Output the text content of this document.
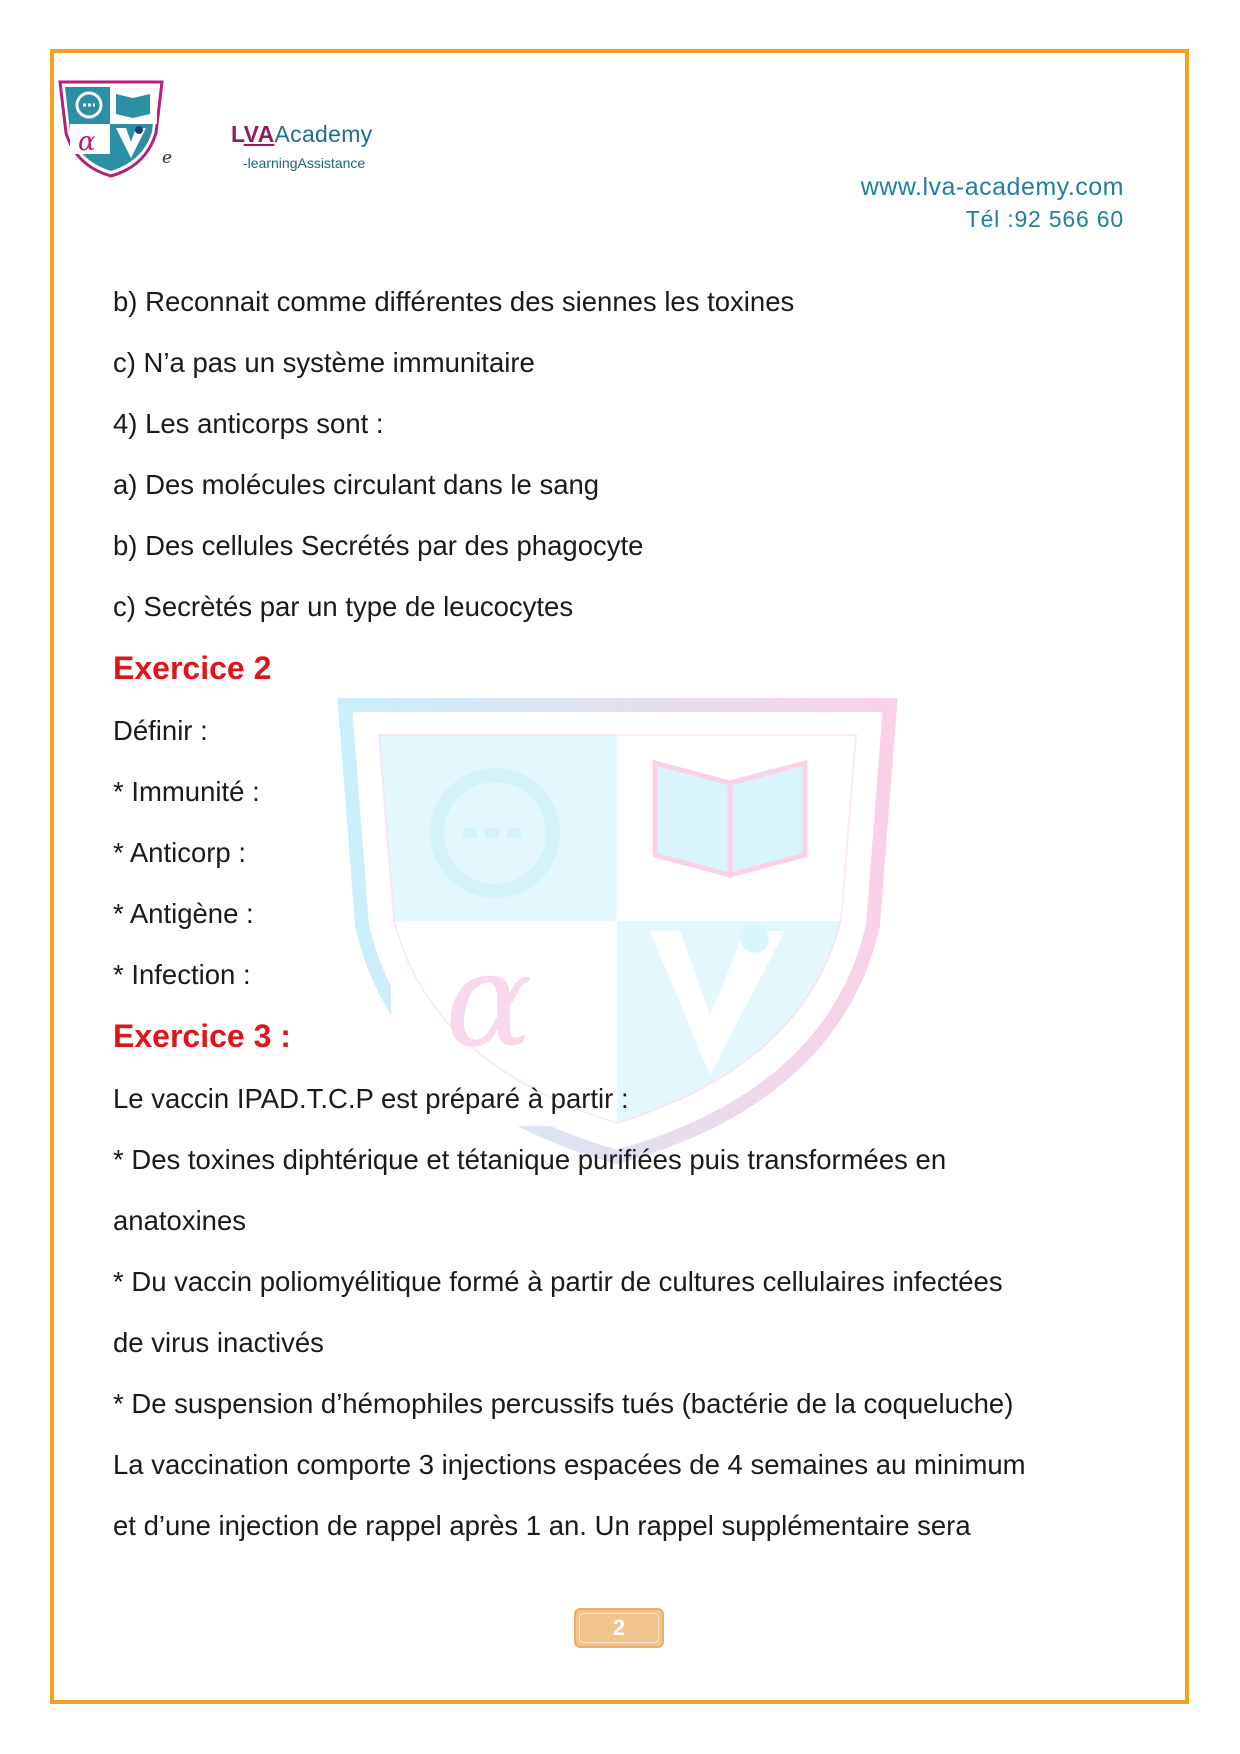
α
e
LVAAcademy
-learningAssistance
www.lva-academy.com
Tél :92 566 60
α
b) Reconnait comme différentes des siennes les toxines
c) N’a pas un système immunitaire
4) Les anticorps sont :
a) Des molécules circulant dans le sang
b) Des cellules Secrétés par des phagocyte
c) Secrètés par un type de leucocytes
Exercice 2
Définir :
* Immunité :
* Anticorp :
* Antigène :
* Infection :
Exercice 3 :
Le vaccin IPAD.T.C.P est préparé à partir :
* Des toxines diphtérique et tétanique purifiées puis transformées en
anatoxines
* Du vaccin poliomyélitique formé à partir de cultures cellulaires infectées
de virus inactivés
* De suspension d’hémophiles percussifs tués (bactérie de la coqueluche)
La vaccination comporte 3 injections espacées de 4 semaines au minimum
et d’une injection de rappel après 1 an. Un rappel supplémentaire sera
2
